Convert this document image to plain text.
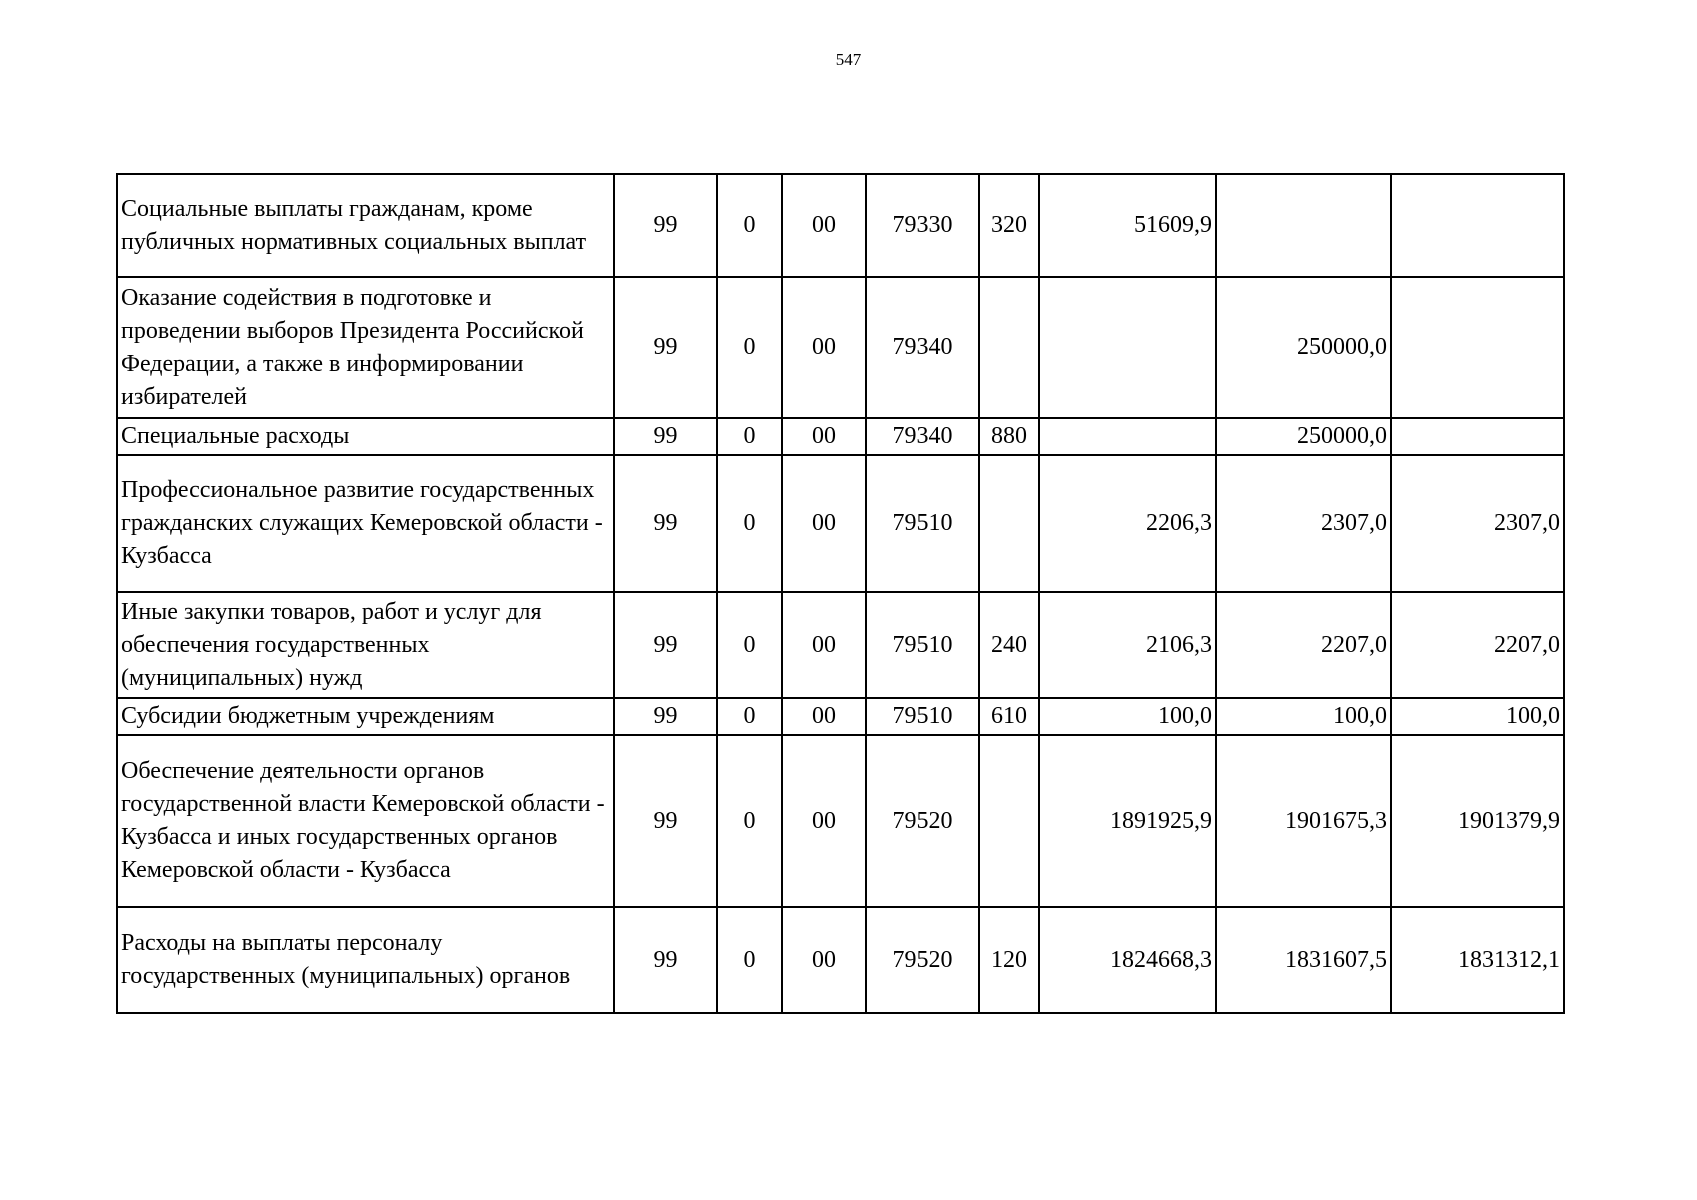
547
Социальные выплаты гражданам, кроме публичных нормативных социальных выплат	99	0	00	79330	320	51609,9		
Оказание содействия в подготовке и проведении выборов Президента Российской Федерации, а также в информировании избирателей	99	0	00	79340			250000,0	
Специальные расходы	99	0	00	79340	880		250000,0	
Профессиональное развитие государственных гражданских служащих Кемеровской области - Кузбасса	99	0	00	79510		2206,3	2307,0	2307,0
Иные закупки товаров, работ и услуг для обеспечения государственных (муниципальных) нужд	99	0	00	79510	240	2106,3	2207,0	2207,0
Субсидии бюджетным учреждениям	99	0	00	79510	610	100,0	100,0	100,0
Обеспечение деятельности органов государственной власти Кемеровской области - Кузбасса и иных государственных органов Кемеровской области - Кузбасса	99	0	00	79520		1891925,9	1901675,3	1901379,9
Расходы на выплаты персоналу государственных (муниципальных) органов	99	0	00	79520	120	1824668,3	1831607,5	1831312,1
